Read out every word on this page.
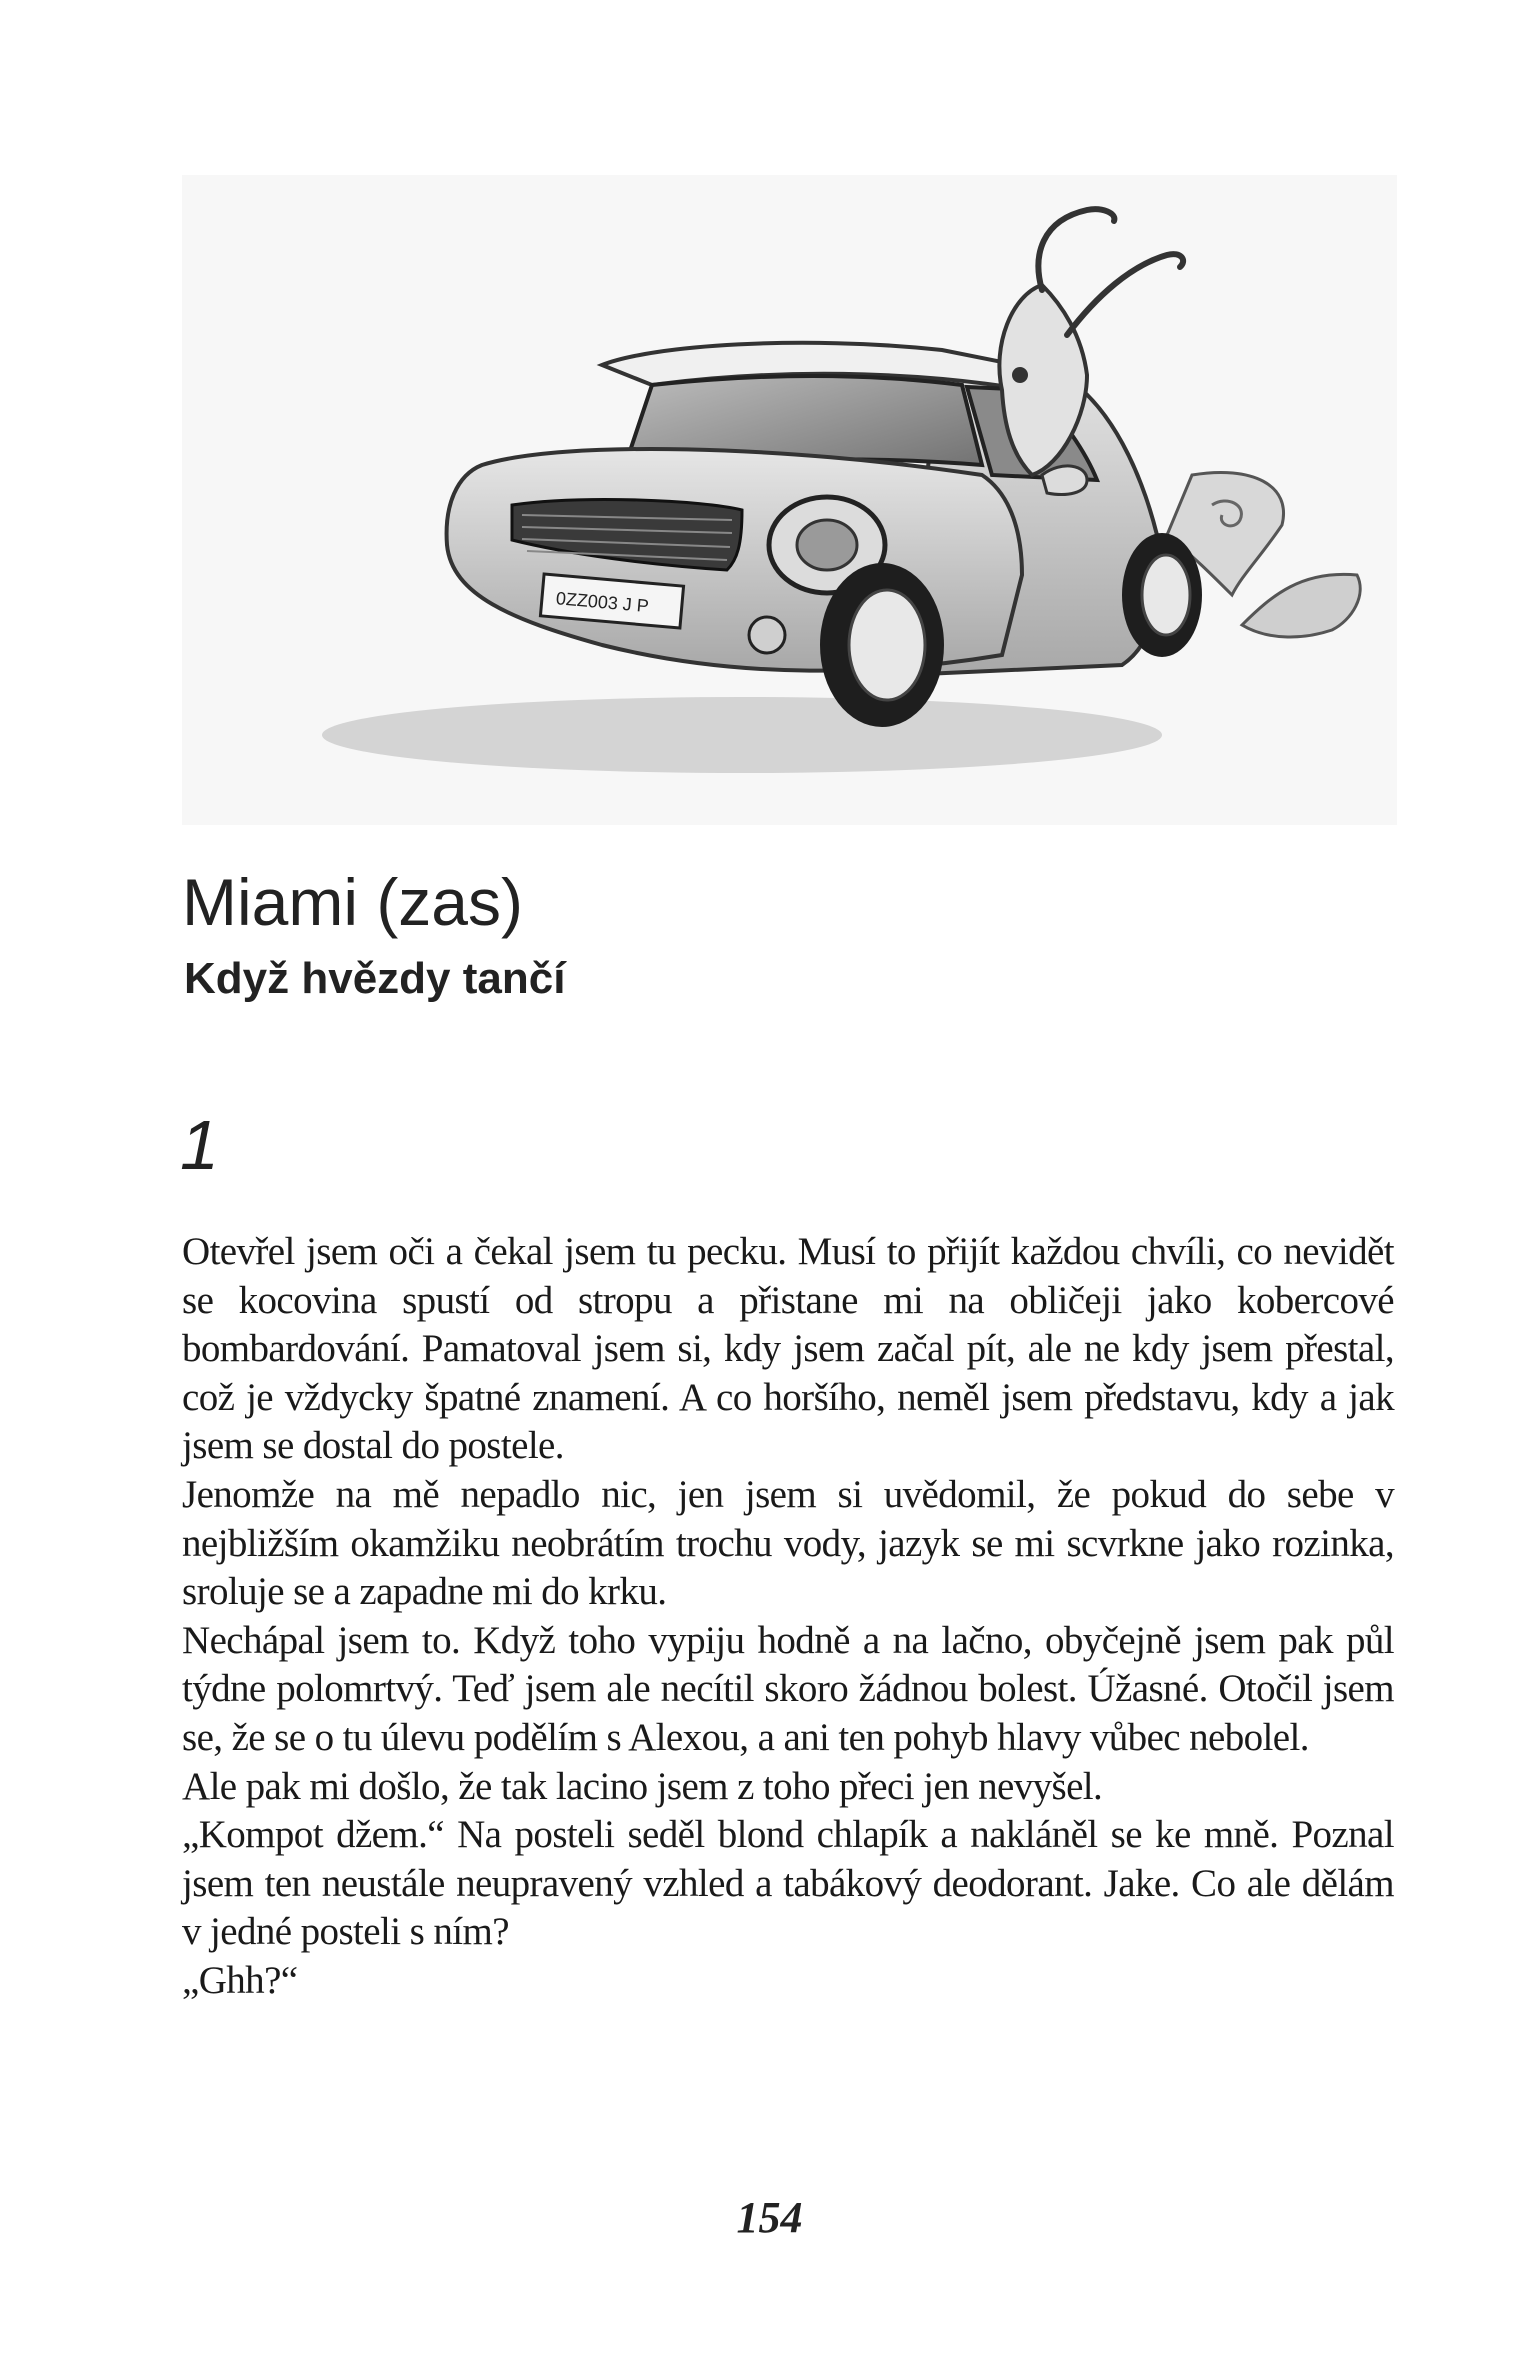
0ZZ003 J P
Miami (zas)
Když hvězdy tančí
1

Otevřel jsem oči a čekal jsem tu pecku. Musí to přijít každou chvíli, co nevidět se kocovina spustí od stropu a přistane mi na obličeji jako kobercové bombardování. Pamatoval jsem si, kdy jsem začal pít, ale ne kdy jsem přestal, což je vždycky špatné znamení. A co horšího, neměl jsem představu, kdy a jak jsem se dostal do postele.

Jenomže na mě nepadlo nic, jen jsem si uvědomil, že pokud do sebe v nejbližším okamžiku neobrátím trochu vody, jazyk se mi scvrkne jako rozinka, sroluje se a zapadne mi do krku.

Nechápal jsem to. Když toho vypiju hodně a na lačno, obyčejně jsem pak půl týdne polomrtvý. Teď jsem ale necítil skoro žádnou bolest. Úžasné. Otočil jsem se, že se o tu úlevu podělím s Alexou, a ani ten pohyb hlavy vůbec nebolel.

Ale pak mi došlo, že tak lacino jsem z toho přeci jen nevyšel.

„Kompot džem.“ Na posteli seděl blond chlapík a nakláněl se ke mně. Poznal jsem ten neustále neupravený vzhled a tabákový deodorant. Jake. Co ale dělám v jedné posteli s ním?

„Ghh?“

154
